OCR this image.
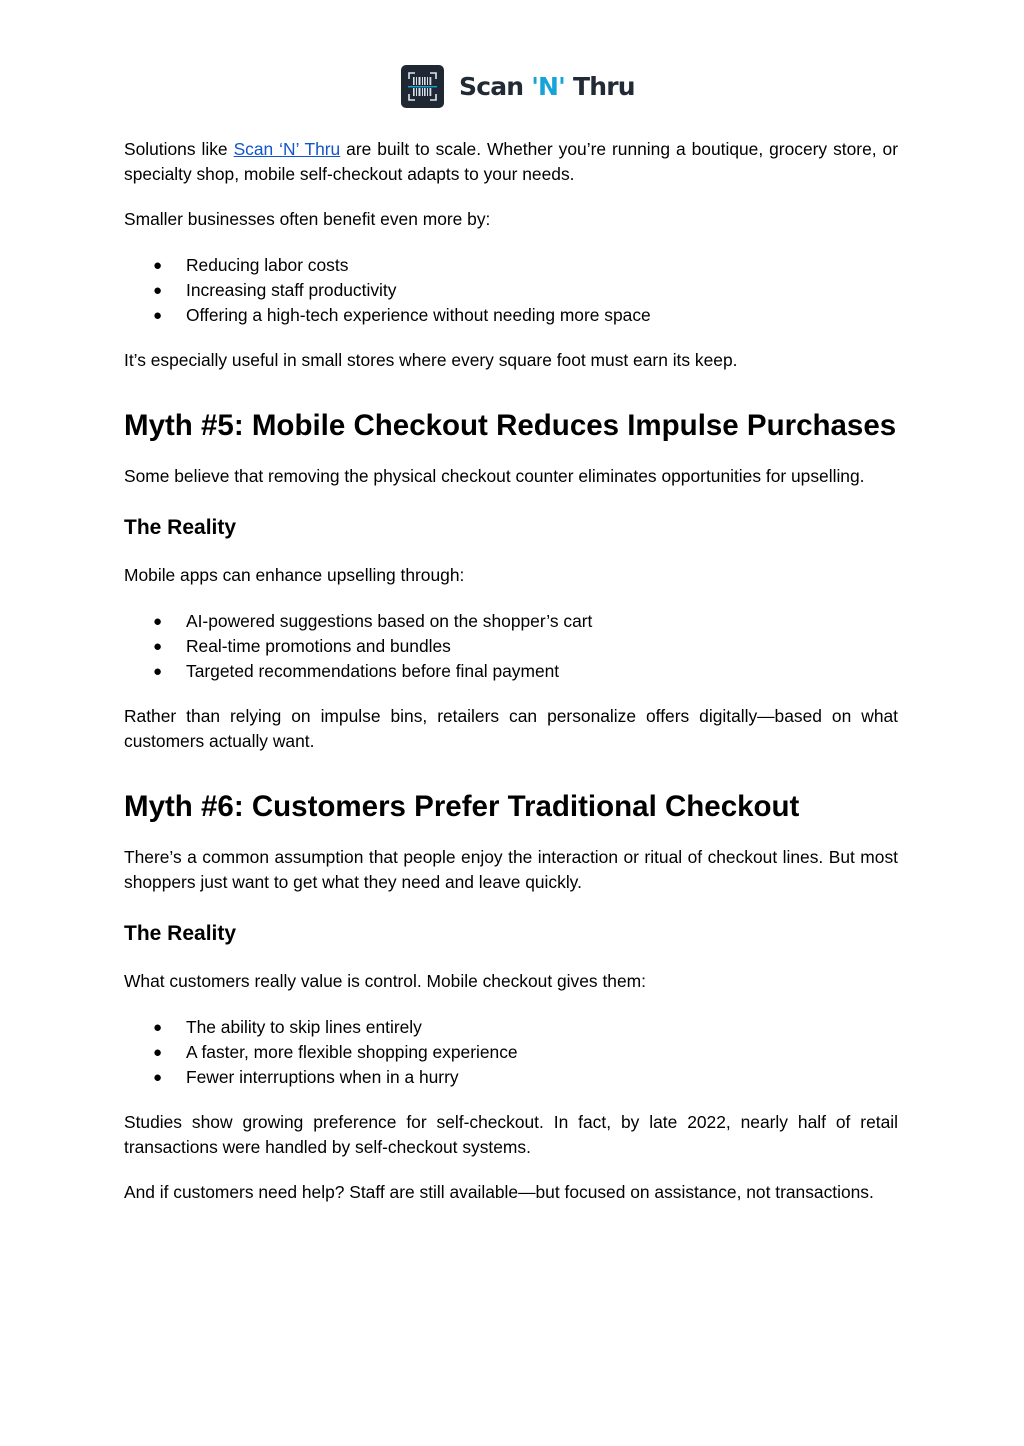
Scan 'N' Thru

Solutions like Scan ‘N’ Thru are built to scale. Whether you’re running a boutique, grocery store, or specialty shop, mobile self-checkout adapts to your needs.

Smaller businesses often benefit even more by:

● Reducing labor costs
● Increasing staff productivity
● Offering a high-tech experience without needing more space

It’s especially useful in small stores where every square foot must earn its keep.

Myth #5: Mobile Checkout Reduces Impulse Purchases

Some believe that removing the physical checkout counter eliminates opportunities for upselling.

The Reality

Mobile apps can enhance upselling through:

● AI-powered suggestions based on the shopper’s cart
● Real-time promotions and bundles
● Targeted recommendations before final payment

Rather than relying on impulse bins, retailers can personalize offers digitally—based on what customers actually want.

Myth #6: Customers Prefer Traditional Checkout

There’s a common assumption that people enjoy the interaction or ritual of checkout lines. But most shoppers just want to get what they need and leave quickly.

The Reality

What customers really value is control. Mobile checkout gives them:

● The ability to skip lines entirely
● A faster, more flexible shopping experience
● Fewer interruptions when in a hurry

Studies show growing preference for self-checkout. In fact, by late 2022, nearly half of retail transactions were handled by self-checkout systems.

And if customers need help? Staff are still available—but focused on assistance, not transactions.
